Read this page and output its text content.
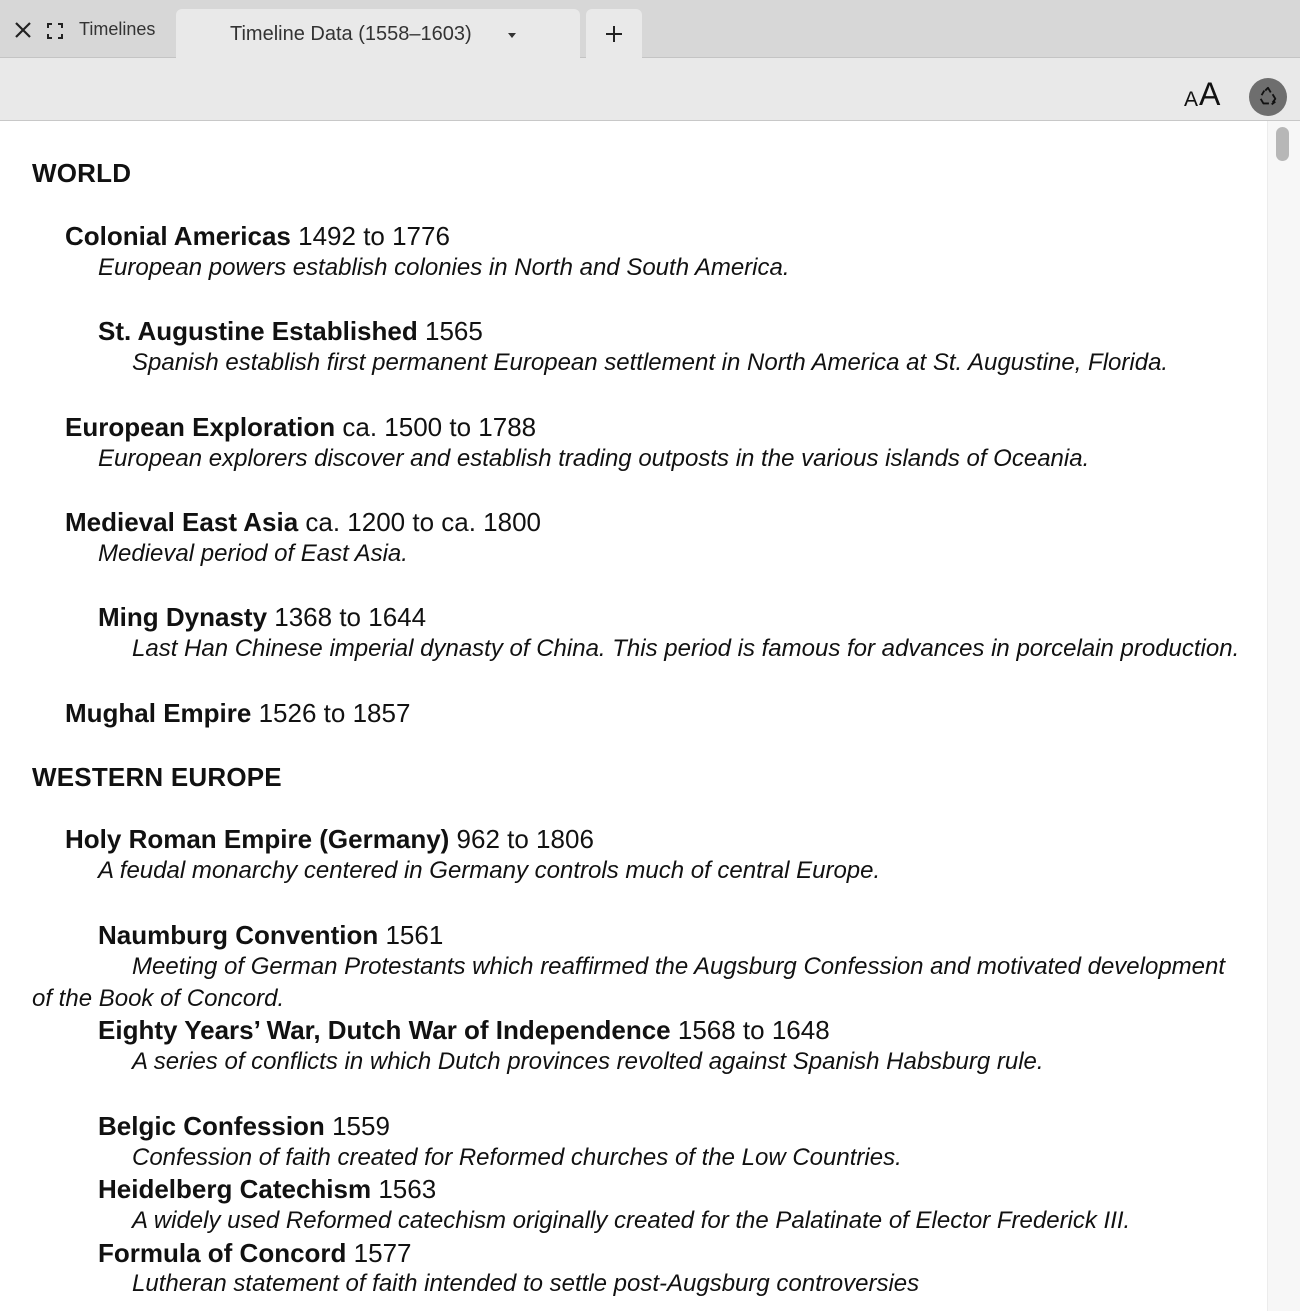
Timelines	Timeline Data (1558–1603)
A A
WORLD
Colonial Americas 1492 to 1776
European powers establish colonies in North and South America.
St. Augustine Established 1565
Spanish establish first permanent European settlement in North America at St. Augustine, Florida.
European Exploration ca. 1500 to 1788
European explorers discover and establish trading outposts in the various islands of Oceania.
Medieval East Asia ca. 1200 to ca. 1800
Medieval period of East Asia.
Ming Dynasty 1368 to 1644
Last Han Chinese imperial dynasty of China. This period is famous for advances in porcelain production.
Mughal Empire 1526 to 1857
WESTERN EUROPE
Holy Roman Empire (Germany) 962 to 1806
A feudal monarchy centered in Germany controls much of central Europe.
Naumburg Convention 1561
Meeting of German Protestants which reaffirmed the Augsburg Confession and motivated development of the Book of Concord.
Eighty Years’ War, Dutch War of Independence 1568 to 1648
A series of conflicts in which Dutch provinces revolted against Spanish Habsburg rule.
Belgic Confession 1559
Confession of faith created for Reformed churches of the Low Countries.
Heidelberg Catechism 1563
A widely used Reformed catechism originally created for the Palatinate of Elector Frederick III.
Formula of Concord 1577
Lutheran statement of faith intended to settle post-Augsburg controversies
